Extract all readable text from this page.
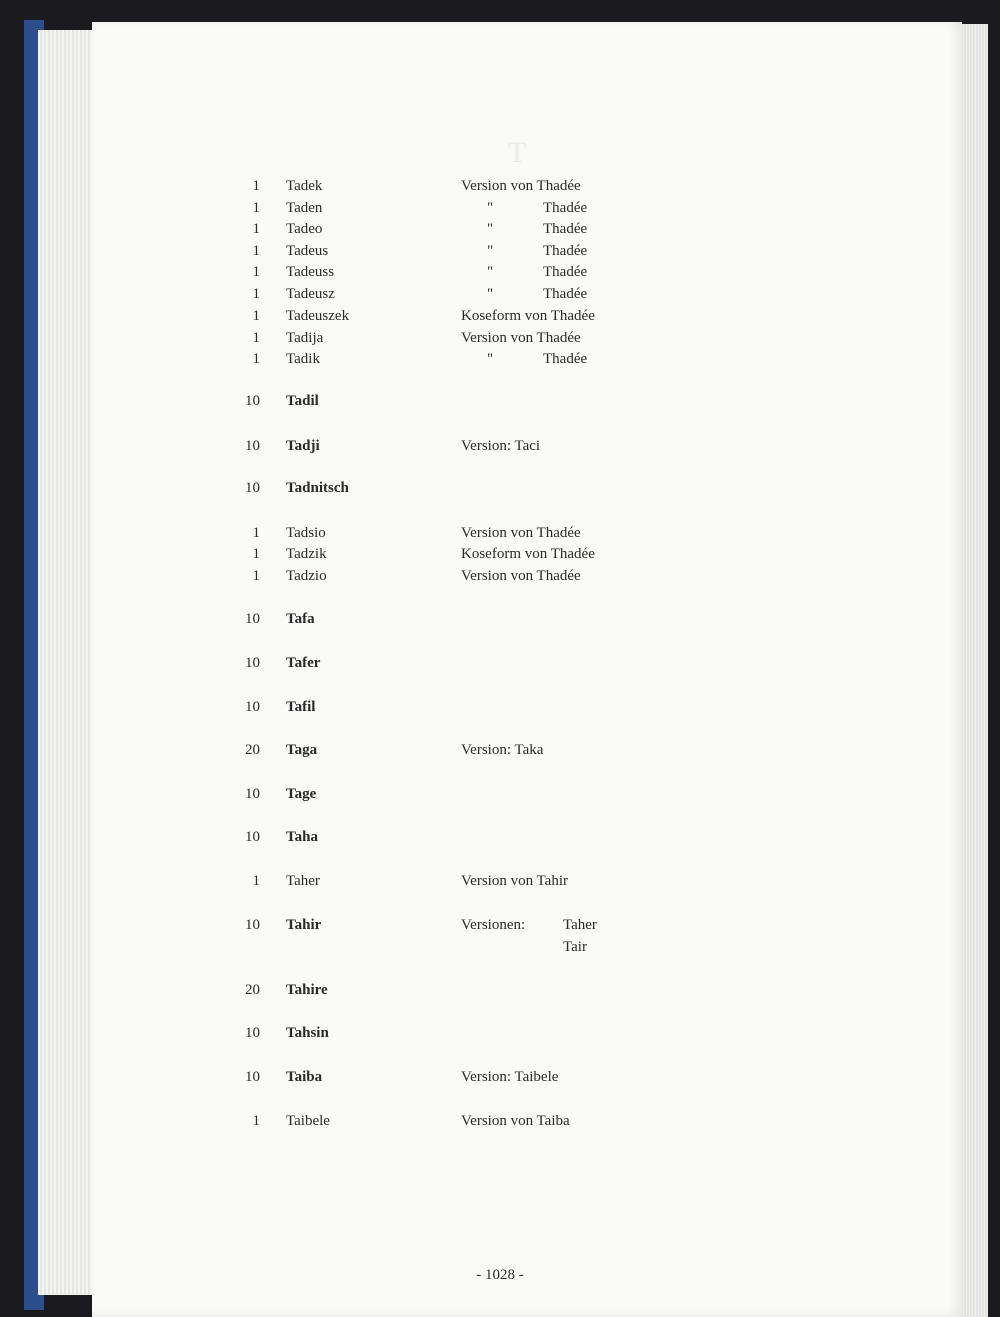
T
1 Tadek	Version von Thadée
1 Taden	"	Thadée
1 Tadeo	"	Thadée
1 Tadeus	"	Thadée
1 Tadeuss	"	Thadée
1 Tadeusz	"	Thadée
1 Tadeuszek	Koseform von Thadée
1 Tadija	Version von Thadée
1 Tadik	"	Thadée
10 Tadil
10 Tadji	Version: Taci
10 Tadnitsch
1 Tadsio	Version von Thadée
1 Tadzik	Koseform von Thadée
1 Tadzio	Version von Thadée
10 Tafa
10 Tafer
10 Tafil
20 Taga	Version: Taka
10 Tage
10 Taha
1 Taher	Version von Tahir
10 Tahir	Versionen:	Taher
Tair
20 Tahire
10 Tahsin
10 Taiba	Version: Taibele
1 Taibele	Version von Taiba
- 1028 -
